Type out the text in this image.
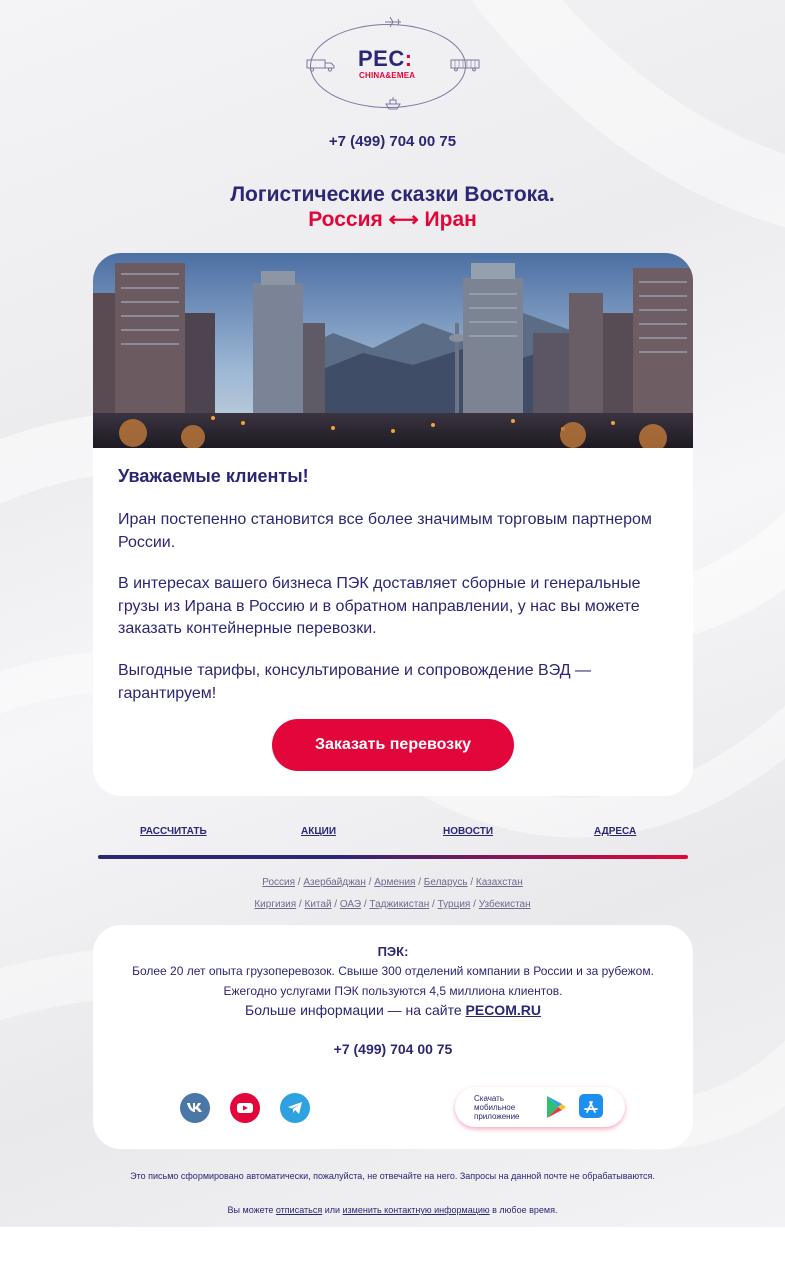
PEC:
CHINA&EMEA
+7 (499) 704 00 75
Логистические сказки Востока.
Россия ⟷ Иран
Уважаемые клиенты!
Иран постепенно становится все более значимым торговым партнером России.
В интересах вашего бизнеса ПЭК доставляет сборные и генеральные грузы из Ирана в Россию и в обратном направлении, у нас вы можете заказать контейнерные перевозки.
Выгодные тарифы, консультирование и сопровождение ВЭД — гарантируем!
Заказать перевозку
РАССЧИТАТЬ	АКЦИИ	НОВОСТИ	АДРЕСА
Россия / Азербайджан / Армения / Беларусь / Казахстан
Киргизия / Китай / ОАЭ / Таджикистан / Турция / Узбекистан
ПЭК:
Более 20 лет опыта грузоперевозок. Свыше 300 отделений компании в России и за рубежом.
Ежегодно услугами ПЭК пользуются 4,5 миллиона клиентов.
Больше информации — на сайте PECOM.RU
+7 (499) 704 00 75
Скачать мобильное приложение
Это письмо сформировано автоматически, пожалуйста, не отвечайте на него. Запросы на данной почте не обрабатываются.
Вы можете отписаться или изменить контактную информацию в любое время.
